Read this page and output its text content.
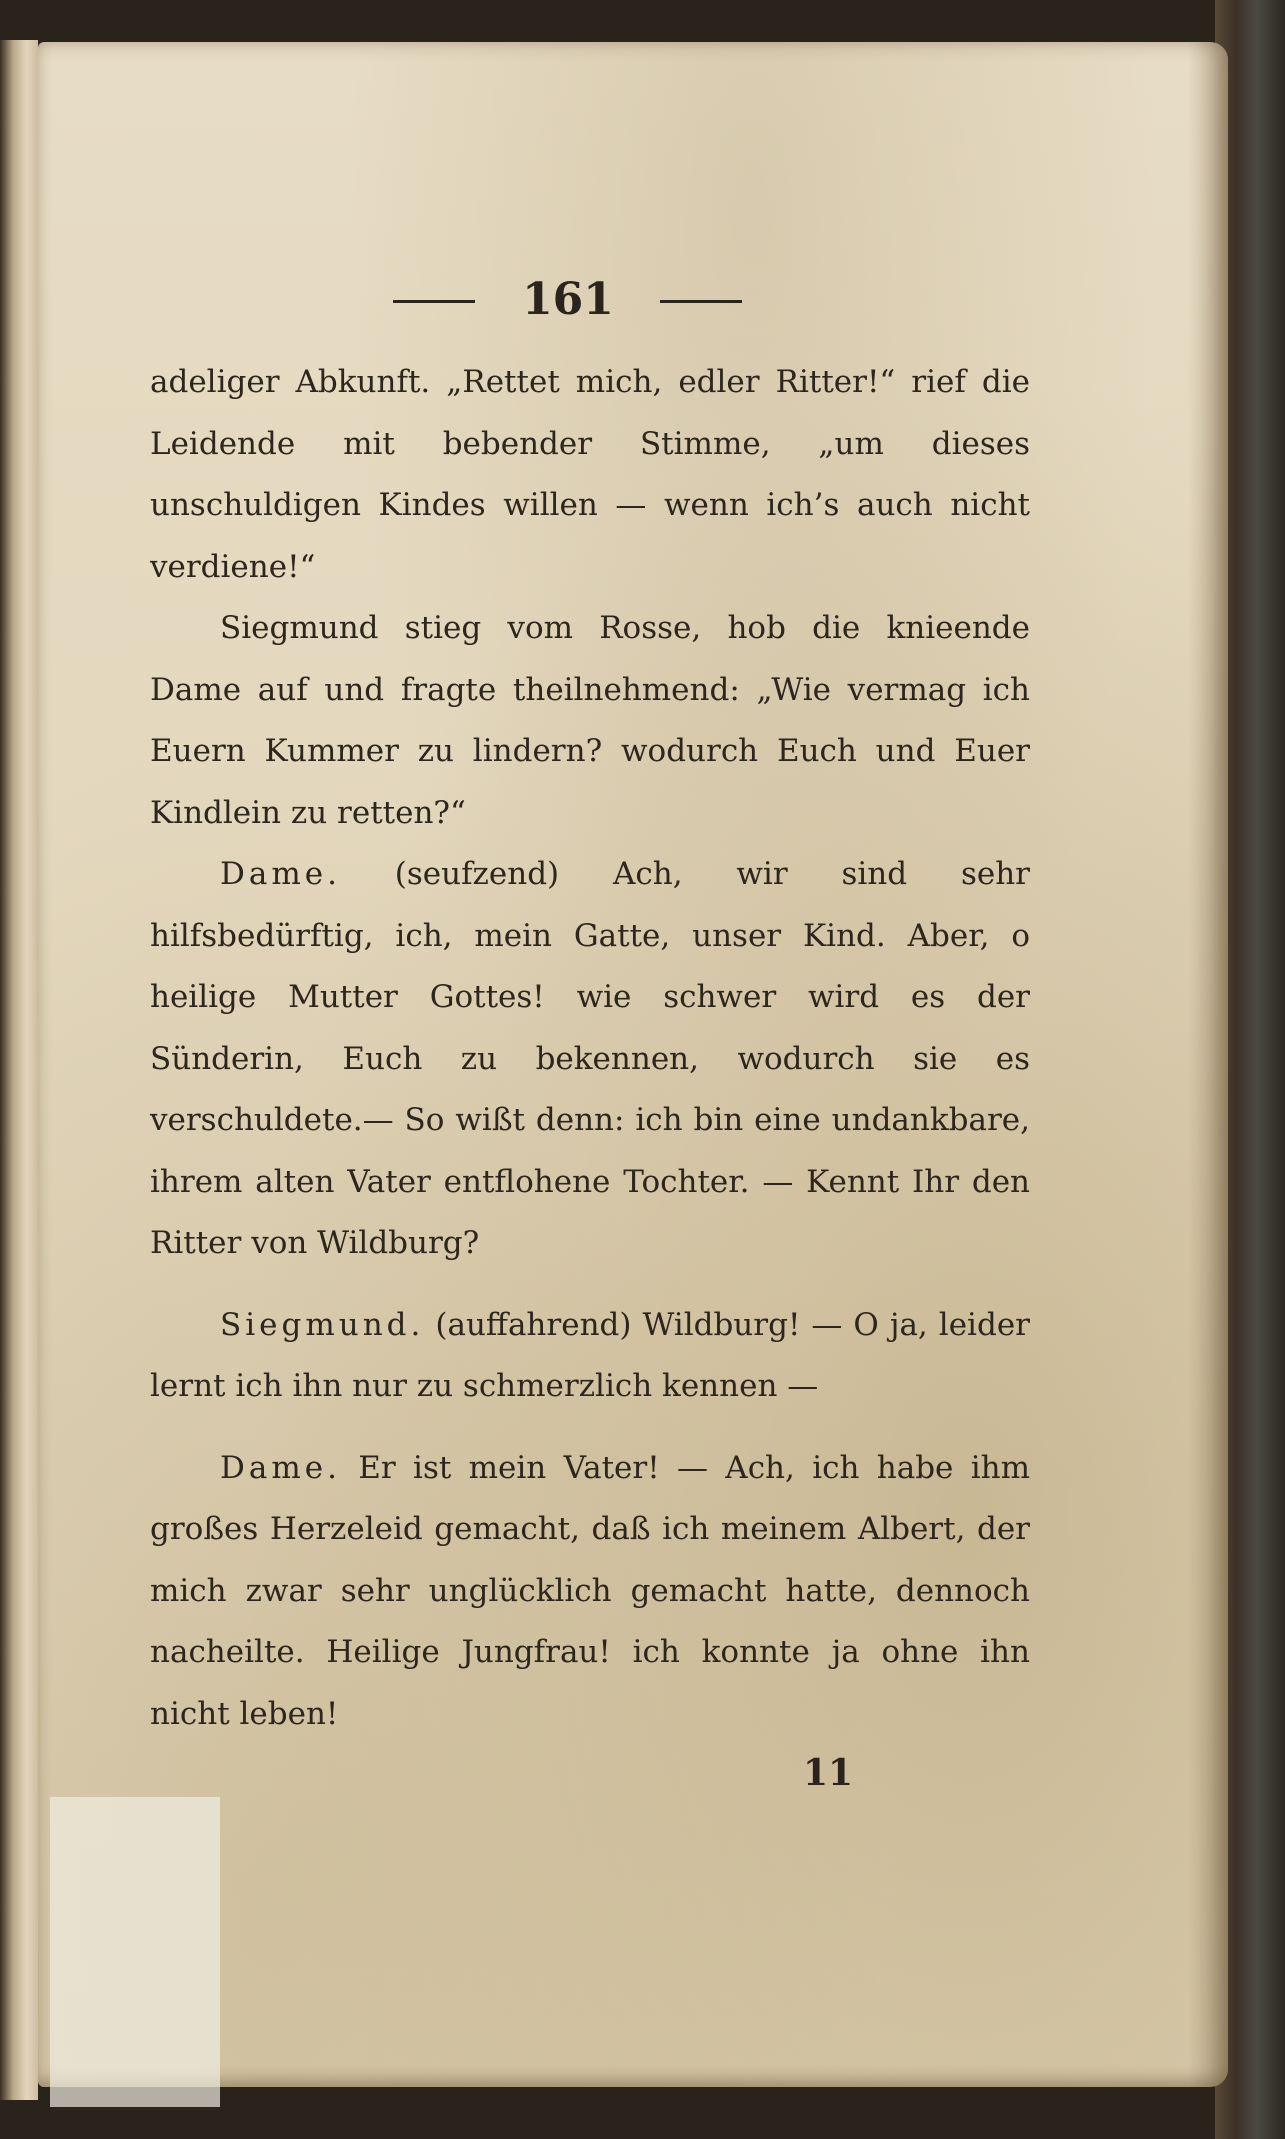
161

adeliger Abkunft. „Rettet mich, edler Ritter!“ rief die Leidende mit bebender Stimme, „um dieses unschuldigen Kindes willen — wenn ich’s auch nicht verdiene!“

Siegmund stieg vom Rosse, hob die knieende Dame auf und fragte theilnehmend: „Wie vermag ich Euern Kummer zu lindern? wodurch Euch und Euer Kindlein zu retten?“

Dame. (seufzend) Ach, wir sind sehr hilfsbedürftig, ich, mein Gatte, unser Kind. Aber, o heilige Mutter Gottes! wie schwer wird es der Sünderin, Euch zu bekennen, wodurch sie es verschuldete.— So wißt denn: ich bin eine undankbare, ihrem alten Vater entflohene Tochter. — Kennt Ihr den Ritter von Wildburg?

Siegmund. (auffahrend) Wildburg! — O ja, leider lernt ich ihn nur zu schmerzlich kennen —

Dame. Er ist mein Vater! — Ach, ich habe ihm großes Herzeleid gemacht, daß ich meinem Albert, der mich zwar sehr unglücklich gemacht hatte, dennoch nacheilte. Heilige Jungfrau! ich konnte ja ohne ihn nicht leben!

11
